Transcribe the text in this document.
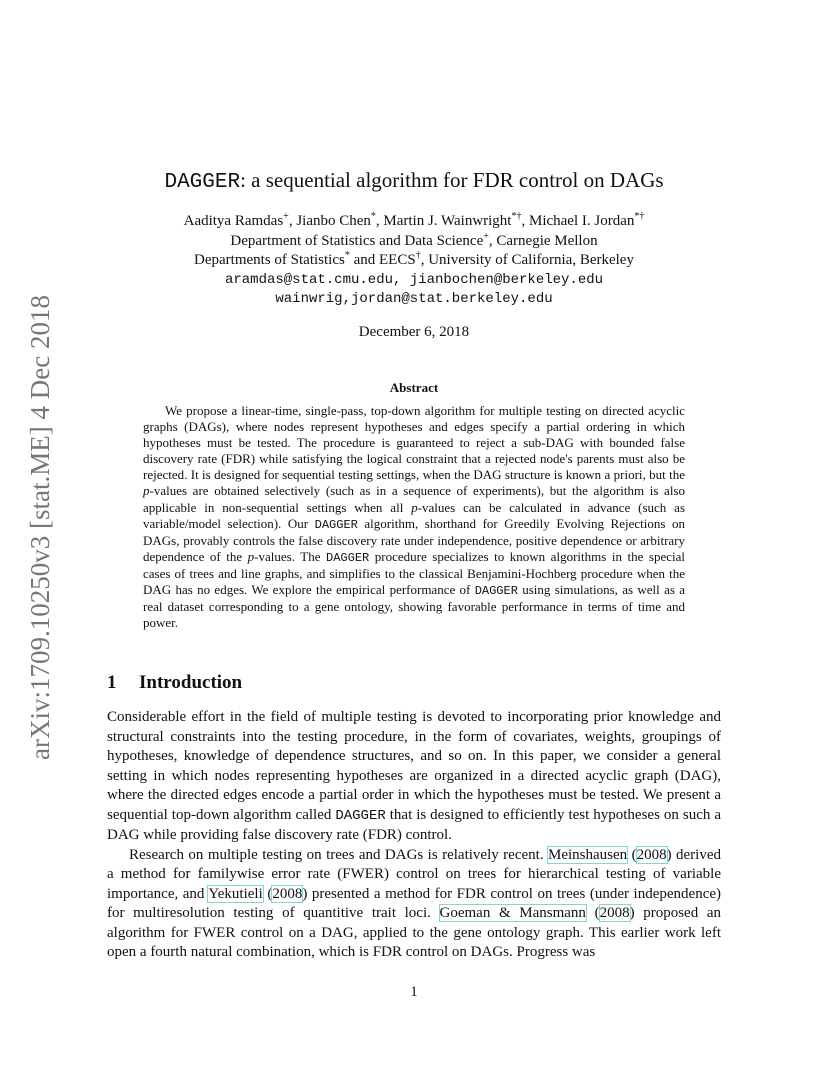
arXiv:1709.10250v3 [stat.ME] 4 Dec 2018
DAGGER: a sequential algorithm for FDR control on DAGs
Aaditya Ramdas+, Jianbo Chen*, Martin J. Wainwright*†, Michael I. Jordan*†
Department of Statistics and Data Science+, Carnegie Mellon
Departments of Statistics* and EECS†, University of California, Berkeley
aramdas@stat.cmu.edu, jianbochen@berkeley.edu
wainwrig,jordan@stat.berkeley.edu
December 6, 2018
Abstract
We propose a linear-time, single-pass, top-down algorithm for multiple testing on directed acyclic graphs (DAGs), where nodes represent hypotheses and edges specify a partial ordering in which hypotheses must be tested. The procedure is guaranteed to reject a sub-DAG with bounded false discovery rate (FDR) while satisfying the logical constraint that a rejected node's parents must also be rejected. It is designed for sequential testing settings, when the DAG structure is known a priori, but the p-values are obtained selectively (such as in a sequence of experiments), but the algorithm is also applicable in non-sequential settings when all p-values can be calculated in advance (such as variable/model selection). Our DAGGER algorithm, shorthand for Greedily Evolving Rejections on DAGs, provably controls the false discovery rate under independence, positive dependence or arbitrary dependence of the p-values. The DAGGER procedure specializes to known algorithms in the special cases of trees and line graphs, and simplifies to the classical Benjamini-Hochberg procedure when the DAG has no edges. We explore the empirical performance of DAGGER using simulations, as well as a real dataset corresponding to a gene ontology, showing favorable performance in terms of time and power.
1 Introduction

Considerable effort in the field of multiple testing is devoted to incorporating prior knowledge and structural constraints into the testing procedure, in the form of covariates, weights, groupings of hypotheses, knowledge of dependence structures, and so on. In this paper, we consider a general setting in which nodes representing hypotheses are organized in a directed acyclic graph (DAG), where the directed edges encode a partial order in which the hypotheses must be tested. We present a sequential top-down algorithm called DAGGER that is designed to efficiently test hypotheses on such a DAG while providing false discovery rate (FDR) control.

Research on multiple testing on trees and DAGs is relatively recent. Meinshausen (2008) derived a method for familywise error rate (FWER) control on trees for hierarchical testing of variable importance, and Yekutieli (2008) presented a method for FDR control on trees (under independence) for multiresolution testing of quantitive trait loci. Goeman & Mansmann (2008) proposed an algorithm for FWER control on a DAG, applied to the gene ontology graph. This earlier work left open a fourth natural combination, which is FDR control on DAGs. Progress was

1
